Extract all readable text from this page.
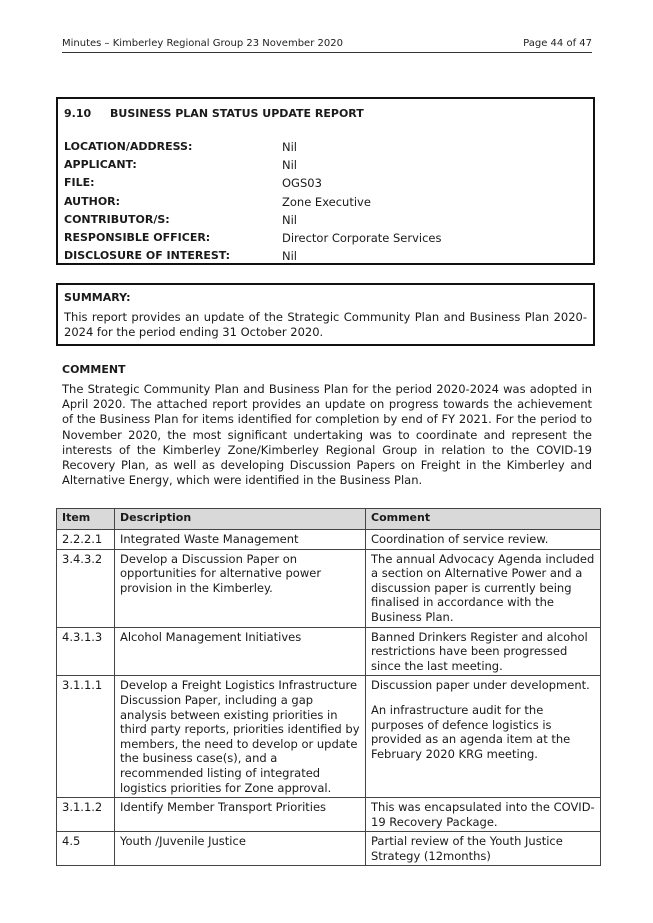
Minutes – Kimberley Regional Group 23 November 2020	Page 44 of 47
9.10	BUSINESS PLAN STATUS UPDATE REPORT
LOCATION/ADDRESS:	Nil
APPLICANT:	Nil
FILE:	OGS03
AUTHOR:	Zone Executive
CONTRIBUTOR/S:	Nil
RESPONSIBLE OFFICER:	Director Corporate Services
DISCLOSURE OF INTEREST:	Nil
SUMMARY:
This report provides an update of the Strategic Community Plan and Business Plan 2020-2024 for the period ending 31 October 2020.
COMMENT

The Strategic Community Plan and Business Plan for the period 2020-2024 was adopted in April 2020. The attached report provides an update on progress towards the achievement of the Business Plan for items identified for completion by end of FY 2021. For the period to November 2020, the most significant undertaking was to coordinate and represent the interests of the Kimberley Zone/Kimberley Regional Group in relation to the COVID-19 Recovery Plan, as well as developing Discussion Papers on Freight in the Kimberley and Alternative Energy, which were identified in the Business Plan.

Item	Description	Comment
2.2.2.1	Integrated Waste Management	Coordination of service review.
3.4.3.2	Develop a Discussion Paper on opportunities for alternative power provision in the Kimberley.	The annual Advocacy Agenda included a section on Alternative Power and a discussion paper is currently being finalised in accordance with the Business Plan.
4.3.1.3	Alcohol Management Initiatives	Banned Drinkers Register and alcohol restrictions have been progressed since the last meeting.
3.1.1.1	Develop a Freight Logistics Infrastructure Discussion Paper, including a gap analysis between existing priorities in third party reports, priorities identified by members, the need to develop or update the business case(s), and a recommended listing of integrated logistics priorities for Zone approval.	Discussion paper under development.
An infrastructure audit for the purposes of defence logistics is provided as an agenda item at the February 2020 KRG meeting.

3.1.1.2	Identify Member Transport Priorities	This was encapsulated into the COVID-19 Recovery Package.
4.5	Youth /Juvenile Justice	Partial review of the Youth Justice Strategy (12months)
